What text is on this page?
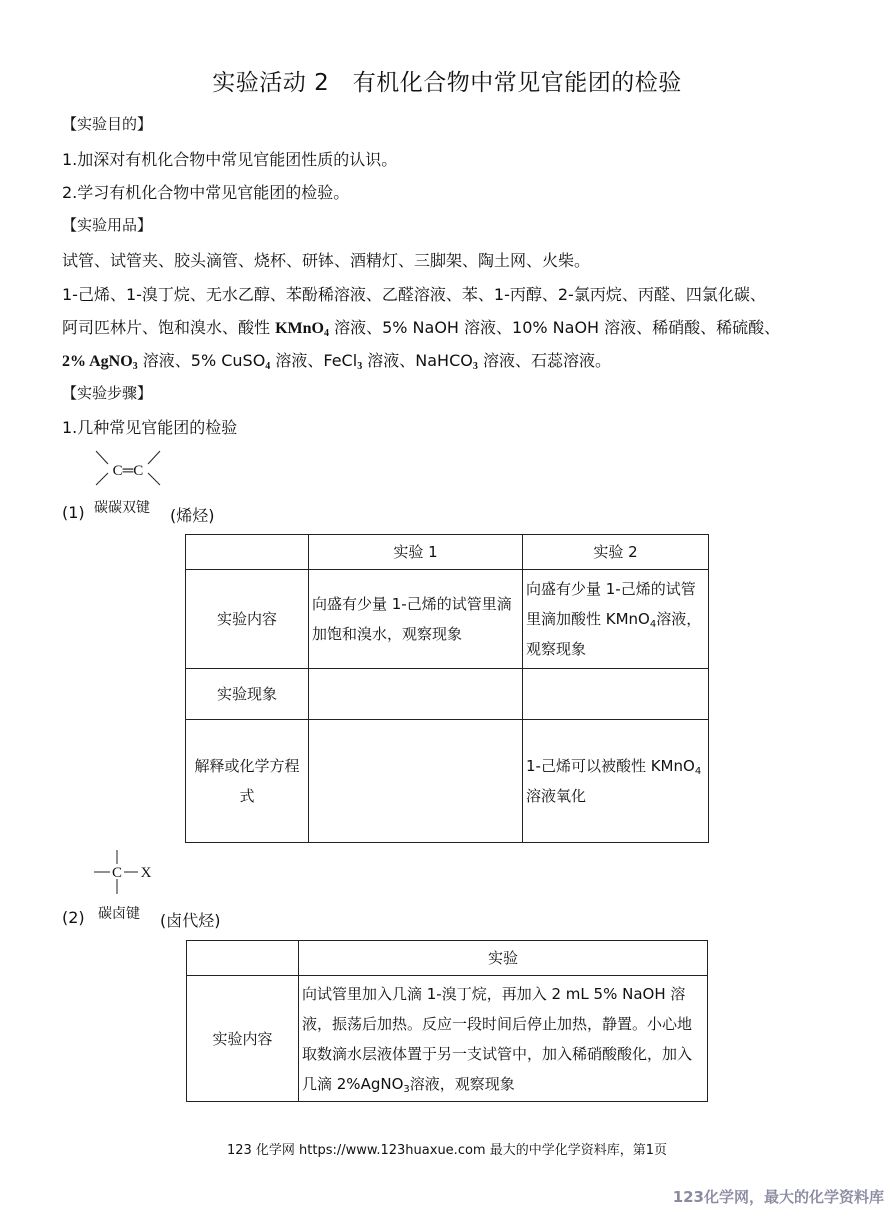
实验活动 2　有机化合物中常见官能团的检验
【实验目的】
1.加深对有机化合物中常见官能团性质的认识。
2.学习有机化合物中常见官能团的检验。
【实验用品】
试管、试管夹、胶头滴管、烧杯、研钵、酒精灯、三脚架、陶土网、火柴。
1-己烯、1-溴丁烷、无水乙醇、苯酚稀溶液、乙醛溶液、苯、1-丙醇、2-氯丙烷、丙醛、四氯化碳、
阿司匹林片、饱和溴水、酸性 KMnO$_4$ 溶液、5% NaOH 溶液、10% NaOH 溶液、稀硝酸、稀硫酸、
2% AgNO$_3$ 溶液、5% CuSO$_4$ 溶液、FeCl$_3$ 溶液、NaHCO$_3$ 溶液、石蕊溶液。
【实验步骤】
1.几种常见官能团的检验
C═C
(1) 碳碳双键 (烯烃)
	实验 1	实验 2
实验内容	向盛有少量 1-己烯的试管里滴加饱和溴水，观察现象	向盛有少量 1-己烯的试管里滴加酸性 KMnO$_4$溶液，观察现象
实验现象		
解释或化学方程式		1-己烯可以被酸性 KMnO$_4$溶液氧化
C X
(2) 碳卤键 (卤代烃)
	实验
实验内容	向试管里加入几滴 1-溴丁烷，再加入 2 mL 5% NaOH 溶液，振荡后加热。反应一段时间后停止加热，静置。小心地取数滴水层液体置于另一支试管中，加入稀硝酸酸化，加入几滴 2%AgNO$_3$溶液，观察现象
123 化学网 https://www.123huaxue.com 最大的中学化学资料库，第1页
123化学网，最大的化学资料库
